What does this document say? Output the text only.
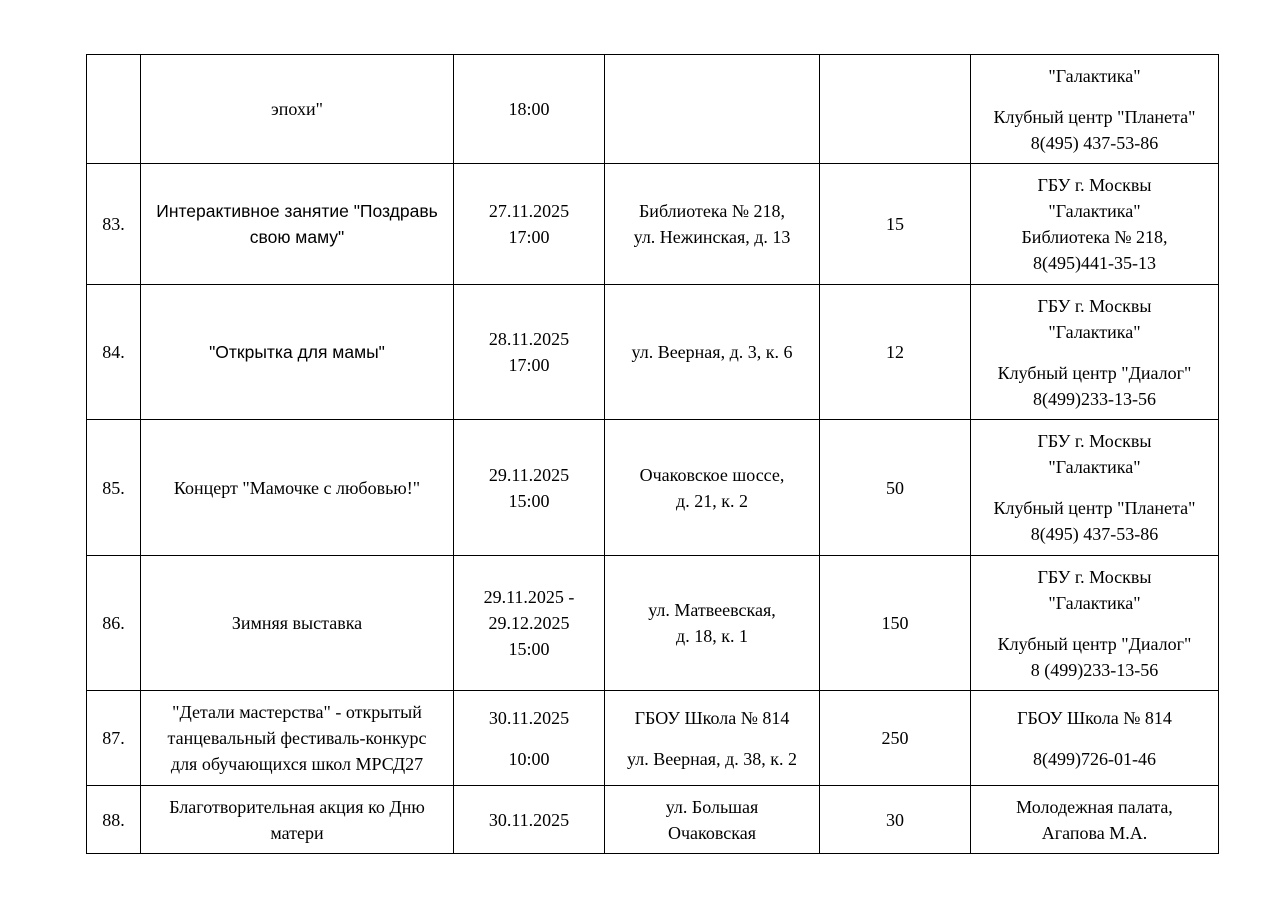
	эпохи"	18:00			"Галактика"
Клубный центр "Планета"
8(495) 437-53-86

83.	Интерактивное занятие "Поздравь
свою маму"	27.11.2025
17:00	Библиотека № 218,
ул. Нежинская, д. 13	15	ГБУ г. Москвы
"Галактика"
Библиотека № 218,
8(495)441-35-13

84.	"Открытка для мамы"	28.11.2025
17:00	ул. Веерная, д. 3, к. 6	12	ГБУ г. Москвы
"Галактика"
Клубный центр "Диалог"
8(499)233-13-56

85.	Концерт "Мамочке с любовью!"	29.11.2025
15:00	Очаковское шоссе,
д. 21, к. 2	50	ГБУ г. Москвы
"Галактика"
Клубный центр "Планета"
8(495) 437-53-86

86.	Зимняя выставка	29.11.2025 -
29.12.2025
15:00	ул. Матвеевская,
д. 18, к. 1	150	ГБУ г. Москвы
"Галактика"
Клубный центр "Диалог"
8 (499)233-13-56

87.	"Детали мастерства" - открытый
танцевальный фестиваль-конкурс
для обучающихся школ МРСД27	30.11.2025
10:00	ГБОУ Школа № 814
ул. Веерная, д. 38, к. 2	250	ГБОУ Школа № 814
8(499)726-01-46

88.	Благотворительная акция ко Дню
матери	30.11.2025	ул. Большая
Очаковская	30	Молодежная палата,
Агапова М.А.
